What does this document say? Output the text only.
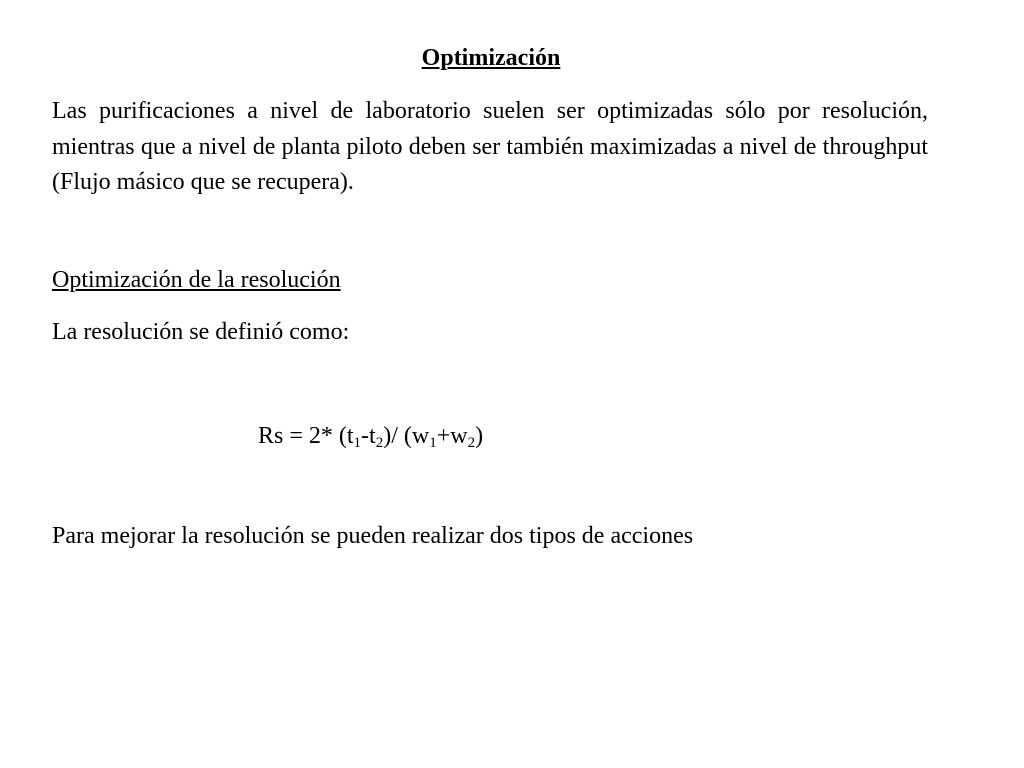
Optimización
Las purificaciones a nivel de laboratorio suelen ser optimizadas sólo por resolución, mientras que a nivel de planta piloto deben ser también maximizadas a nivel de throughput (Flujo másico que se recupera).
Optimización de la resolución
La resolución se definió como:
Rs = 2* $(t_1-t_2)/$ $(w_1+w_2)$
Para mejorar la resolución se pueden realizar dos tipos de acciones
